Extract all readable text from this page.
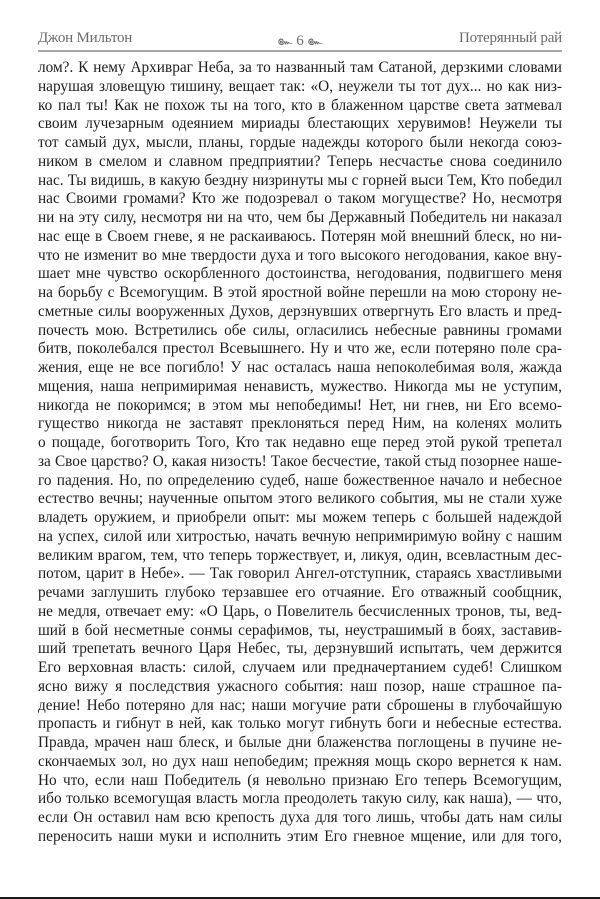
Джон Мильтон	๛ 6 ๛	Потерянный рай
лом?. К нему Архивраг Неба, за то названный там Сатаной, дерзкими словами
нарушая зловещую тишину, вещает так: «О, неужели ты тот дух... но как низ-
ко пал ты! Как не похож ты на того, кто в блаженном царстве света затмевал
своим лучезарным одеянием мириады блестающих херувимов! Неужели ты
тот самый дух, мысли, планы, гордые надежды которого были некогда союз-
ником в смелом и славном предприятии? Теперь несчастье снова соединило
нас. Ты видишь, в какую бездну низринуты мы с горней выси Тем, Кто победил
нас Своими громами? Кто же подозревал о таком могуществе? Но, несмотря
ни на эту силу, несмотря ни на что, чем бы Державный Победитель ни наказал
нас еще в Своем гневе, я не раскаиваюсь. Потерян мой внешний блеск, но ни-
что не изменит во мне твердости духа и того высокого негодования, какое вну-
шает мне чувство оскорбленного достоинства, негодования, подвигшего меня
на борьбу с Всемогущим. В этой яростной войне перешли на мою сторону не-
сметные силы вооруженных Духов, дерзнувших отвергнуть Его власть и пред-
почесть мою. Встретились обе силы, огласились небесные равнины громами
битв, поколебался престол Всевышнего. Ну и что же, если потеряно поле сра-
жения, еще не все погибло! У нас осталась наша непоколебимая воля, жажда
мщения, наша непримиримая ненависть, мужество. Никогда мы не уступим,
никогда не покоримся; в этом мы непобедимы! Нет, ни гнев, ни Его всемо-
гущество никогда не заставят преклоняться перед Ним, на коленях молить
о пощаде, боготворить Того, Кто так недавно еще перед этой рукой трепетал
за Свое царство? О, какая низость! Такое бесчестие, такой стыд позорнее наше-
го падения. Но, по определению судеб, наше божественное начало и небесное
естество вечны; наученные опытом этого великого события, мы не стали хуже
владеть оружием, и приобрели опыт: мы можем теперь с большей надеждой
на успех, силой или хитростью, начать вечную непримиримую войну с нашим
великим врагом, тем, что теперь торжествует, и, ликуя, один, всевластным дес-
потом, царит в Небе». — Так говорил Ангел-отступник, стараясь хвастливыми
речами заглушить глубоко терзавшее его отчаяние. Его отважный сообщник,
не медля, отвечает ему: «О Царь, о Повелитель бесчисленных тронов, ты, вед-
ший в бой несметные сонмы серафимов, ты, неустрашимый в боях, заставив-
ший трепетать вечного Царя Небес, ты, дерзнувший испытать, чем держится
Его верховная власть: силой, случаем или предначертанием судеб! Слишком
ясно вижу я последствия ужасного события: наш позор, наше страшное па-
дение! Небо потеряно для нас; наши могучие рати сброшены в глубочайшую
пропасть и гибнут в ней, как только могут гибнуть боги и небесные естества.
Правда, мрачен наш блеск, и былые дни блаженства поглощены в пучине не-
скончаемых зол, но дух наш непобедим; прежняя мощь скоро вернется к нам.
Но что, если наш Победитель (я невольно признаю Его теперь Всемогущим,
ибо только всемогущая власть могла преодолеть такую силу, как наша), — что,
если Он оставил нам всю крепость духа для того лишь, чтобы дать нам силы
переносить наши муки и исполнить этим Его гневное мщение, или для того,
